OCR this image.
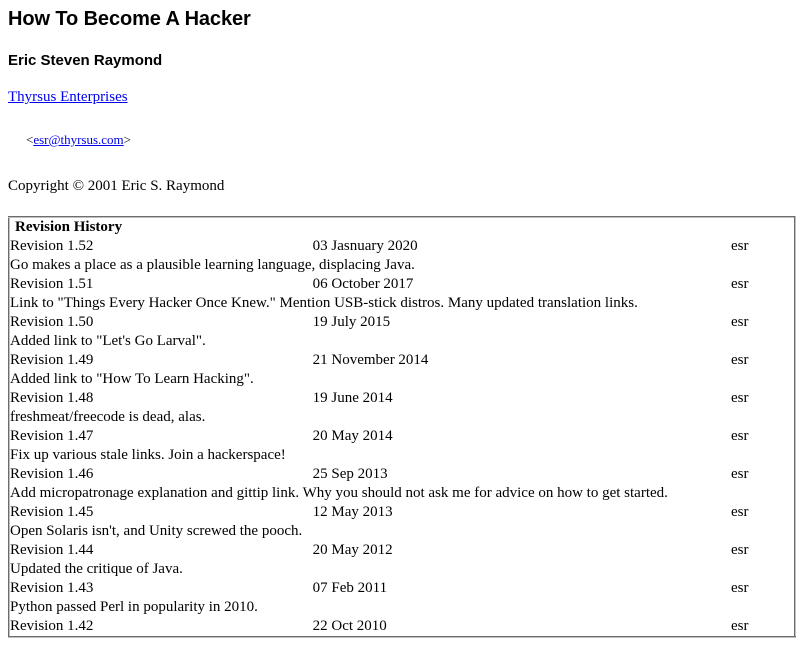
How To Become A Hacker
Eric Steven Raymond
Thyrsus Enterprises
<esr@thyrsus.com>
Copyright © 2001 Eric S. Raymond
Revision History		
Revision 1.52	03 Jasnuary 2020	esr
Go makes a place as a plausible learning language, displacing Java.		
Revision 1.51	06 October 2017	esr
Link to "Things Every Hacker Once Knew." Mention USB-stick distros. Many updated translation links.		
Revision 1.50	19 July 2015	esr
Added link to "Let's Go Larval".		
Revision 1.49	21 November 2014	esr
Added link to "How To Learn Hacking".		
Revision 1.48	19 June 2014	esr
freshmeat/freecode is dead, alas.		
Revision 1.47	20 May 2014	esr
Fix up various stale links. Join a hackerspace!		
Revision 1.46	25 Sep 2013	esr
Add micropatronage explanation and gittip link. Why you should not ask me for advice on how to get started.		
Revision 1.45	12 May 2013	esr
Open Solaris isn't, and Unity screwed the pooch.		
Revision 1.44	20 May 2012	esr
Updated the critique of Java.		
Revision 1.43	07 Feb 2011	esr
Python passed Perl in popularity in 2010.		
Revision 1.42	22 Oct 2010	esr
